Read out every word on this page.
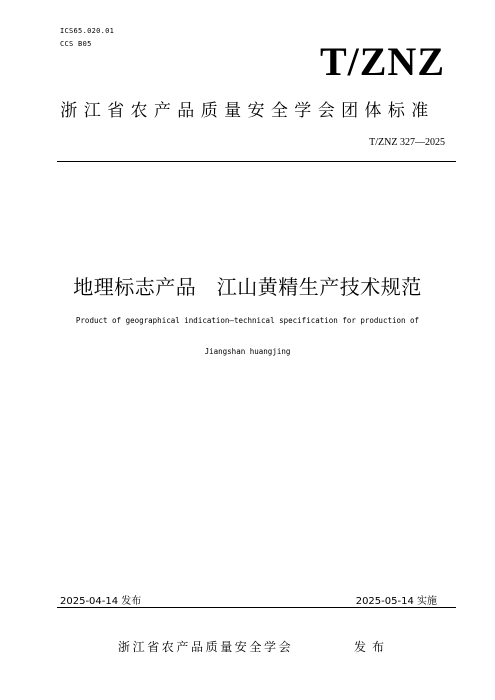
ICS65.020.01
CCS B05	T/ZNZ
浙江省农产品质量安全学会团体标准
T/ZNZ 327—2025
地理标志产品　江山黄精生产技术规范
Product of geographical indication—technical specification for production of
Jiangshan huangjing
2025-04-14 发布	2025-05-14 实施
浙江省农产品质量安全学会	发布
